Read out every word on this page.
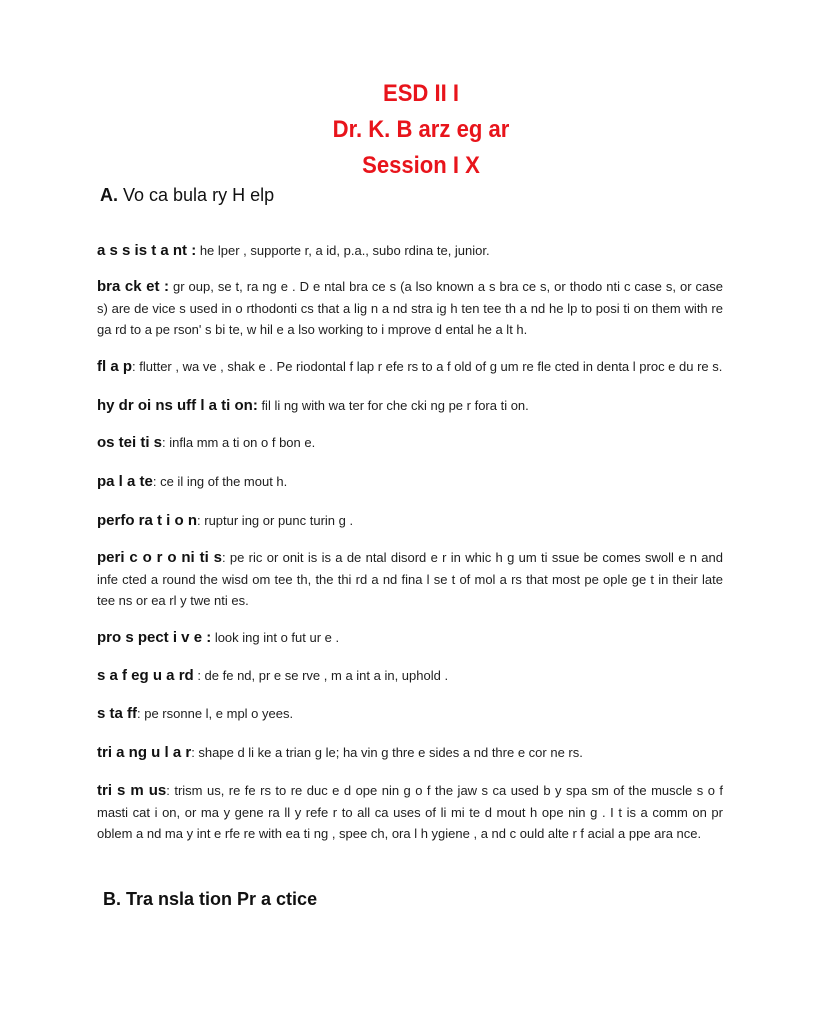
ESD II I
Dr. K. B arz eg ar
Session I X
A. Vo ca bula ry H elp
a s s is t a nt : he lper , supporte r, a id, p.a., subo rdina te, junior.
bra ck et : gr oup, se t, ra ng e . D e ntal bra ce s (a lso known a s bra ce s, or thodo nti c case s, or case s) are de vice s used in o rthodonti cs that a lig n a nd stra ig h ten tee th a nd he lp to posi ti on them with re ga rd to a pe rson' s bi te, w hil e a lso working to i mprove d ental he a lt h.
fl a p: flutter , wa ve , shak e . Pe riodontal f lap r efe rs to a f old of g um re fle cted in denta l proc e du re s.
hy dr oi ns uff l a ti on: fil li ng with wa ter for che cki ng pe r fora ti on.
os tei ti s: infla mm a ti on o f bon e.
pa l a te: ce il ing of the mout h.
perfo ra t i o n: ruptur ing or punc turin g .
peri c o r o ni ti s: pe ric or onit is is a de ntal disord e r in whic h g um ti ssue be comes swoll e n and infe cted a round the wisd om tee th, the thi rd a nd fina l se t of mol a rs that most pe ople ge t in their late tee ns or ea rl y twe nti es.
pro s pect i v e : look ing int o fut ur e .
s a f eg u a rd : de fe nd, pr e se rve , m a int a in, uphold .
s ta ff: pe rsonne l, e mpl o yees.
tri a ng u l a r: shape d li ke a trian g le; ha vin g thre e sides a nd thre e cor ne rs.
tri s m us: trism us, re fe rs to re duc e d ope nin g o f the jaw s ca used b y spa sm of the muscle s o f masti cat i on, or ma y gene ra ll y refe r to all ca uses of li mi te d mout h ope nin g . I t is a comm on pr oblem a nd ma y int e rfe re with ea ti ng , spee ch, ora l h ygiene , a nd c ould alte r f acial a ppe ara nce.
B. Tra nsla tion Pr a ctice
